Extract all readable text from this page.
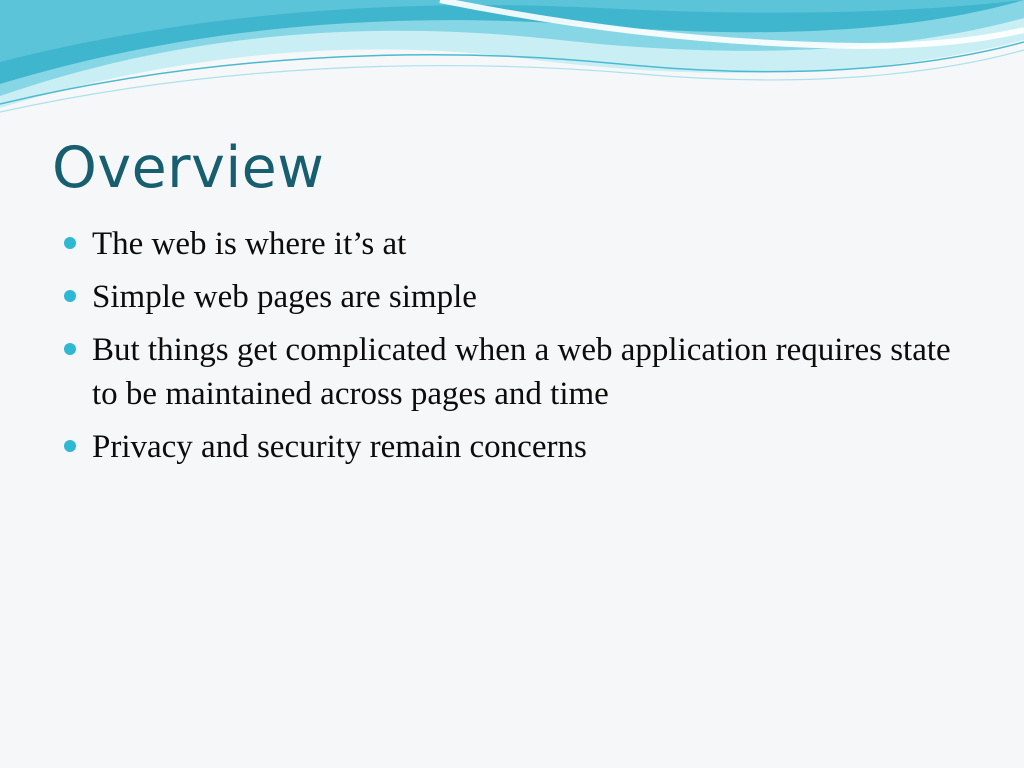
Overview
The web is where it’s at
Simple web pages are simple
But things get complicated when a web application requires state to be maintained across pages and time
Privacy and security remain concerns
